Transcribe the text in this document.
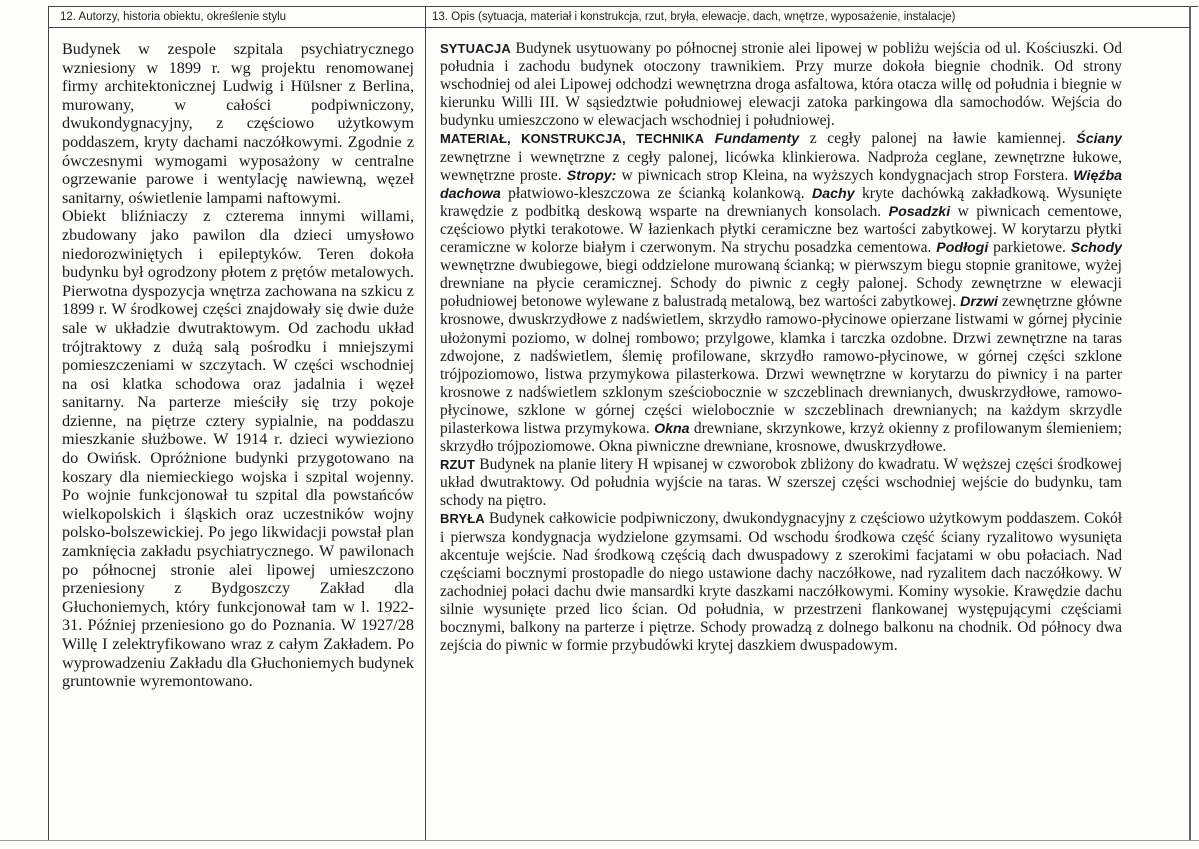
12. Autorzy, historia obiektu, określenie stylu	13. Opis (sytuacja, materiał i konstrukcja, rzut, bryła, elewacje, dach, wnętrze, wyposażenie, instalacje)

Budynek w zespole szpitala psychiatrycznego wzniesiony w 1899 r. wg projektu renomowanej firmy architektonicznej Ludwig i Hülsner z Berlina, murowany, w całości podpiwniczony, dwukondygnacyjny, z częściowo użytkowym poddaszem, kryty dachami naczółkowymi. Zgodnie z ówczesnymi wymogami wyposażony w centralne ogrzewanie parowe i wentylację nawiewną, węzeł sanitarny, oświetlenie lampami naftowymi.

Obiekt bliźniaczy z czterema innymi willami, zbudowany jako pawilon dla dzieci umysłowo niedorozwiniętych i epileptyków. Teren dokoła budynku był ogrodzony płotem z prętów metalowych. Pierwotna dyspozycja wnętrza zachowana na szkicu z 1899 r. W środkowej części znajdowały się dwie duże sale w układzie dwutraktowym. Od zachodu układ trójtraktowy z dużą salą pośrodku i mniejszymi pomieszczeniami w szczytach. W części wschodniej na osi klatka schodowa oraz jadalnia i węzeł sanitarny. Na parterze mieściły się trzy pokoje dzienne, na piętrze cztery sypialnie, na poddaszu mieszkanie służbowe. W 1914 r. dzieci wywieziono do Owińsk. Opróżnione budynki przygotowano na koszary dla niemieckiego wojska i szpital wojenny. Po wojnie funkcjonował tu szpital dla powstańców wielkopolskich i śląskich oraz uczestników wojny polsko-bolszewickiej. Po jego likwidacji powstał plan zamknięcia zakładu psychiatrycznego. W pawilonach po północnej stronie alei lipowej umieszczono przeniesiony z Bydgoszczy Zakład dla Głuchoniemych, który funkcjonował tam w l. 1922-31. Później przeniesiono go do Poznania. W 1927/28 Willę I zelektryfikowano wraz z całym Zakładem. Po wyprowadzeniu Zakładu dla Głuchoniemych budynek gruntownie wyremontowano.

SYTUACJA Budynek usytuowany po północnej stronie alei lipowej w pobliżu wejścia od ul. Kościuszki. Od południa i zachodu budynek otoczony trawnikiem. Przy murze dokoła biegnie chodnik. Od strony wschodniej od alei Lipowej odchodzi wewnętrzna droga asfaltowa, która otacza willę od południa i biegnie w kierunku Willi III. W sąsiedztwie południowej elewacji zatoka parkingowa dla samochodów. Wejścia do budynku umieszczono w elewacjach wschodniej i południowej.

MATERIAŁ, KONSTRUKCJA, TECHNIKA Fundamenty z cegły palonej na ławie kamiennej. Ściany zewnętrzne i wewnętrzne z cegły palonej, licówka klinkierowa. Nadproża ceglane, zewnętrzne łukowe, wewnętrzne proste. Stropy: w piwnicach strop Kleina, na wyższych kondygnacjach strop Forstera. Więźba dachowa płatwiowo-kleszczowa ze ścianką kolankową. Dachy kryte dachówką zakładkową. Wysunięte krawędzie z podbitką deskową wsparte na drewnianych konsolach. Posadzki w piwnicach cementowe, częściowo płytki terakotowe. W łazienkach płytki ceramiczne bez wartości zabytkowej. W korytarzu płytki ceramiczne w kolorze białym i czerwonym. Na strychu posadzka cementowa. Podłogi parkietowe. Schody wewnętrzne dwubiegowe, biegi oddzielone murowaną ścianką; w pierwszym biegu stopnie granitowe, wyżej drewniane na płycie ceramicznej. Schody do piwnic z cegły palonej. Schody zewnętrzne w elewacji południowej betonowe wylewane z balustradą metalową, bez wartości zabytkowej. Drzwi zewnętrzne główne krosnowe, dwuskrzydłowe z nadświetlem, skrzydło ramowo-płycinowe opierzane listwami w górnej płycinie ułożonymi poziomo, w dolnej rombowo; przylgowe, klamka i tarczka ozdobne. Drzwi zewnętrzne na taras zdwojone, z nadświetlem, ślemię profilowane, skrzydło ramowo-płycinowe, w górnej części szklone trójpoziomowo, listwa przymykowa pilasterkowa. Drzwi wewnętrzne w korytarzu do piwnicy i na parter krosnowe z nadświetlem szklonym sześciobocznie w szczeblinach drewnianych, dwuskrzydłowe, ramowo-płycinowe, szklone w górnej części wielobocznie w szczeblinach drewnianych; na każdym skrzydle pilasterkowa listwa przymykowa. Okna drewniane, skrzynkowe, krzyż okienny z profilowanym ślemieniem; skrzydło trójpoziomowe. Okna piwniczne drewniane, krosnowe, dwuskrzydłowe.

RZUT Budynek na planie litery H wpisanej w czworobok zbliżony do kwadratu. W węższej części środkowej układ dwutraktowy. Od południa wyjście na taras. W szerszej części wschodniej wejście do budynku, tam schody na piętro.

BRYŁA Budynek całkowicie podpiwniczony, dwukondygnacyjny z częściowo użytkowym poddaszem. Cokół i pierwsza kondygnacja wydzielone gzymsami. Od wschodu środkowa część ściany ryzalitowo wysunięta akcentuje wejście. Nad środkową częścią dach dwuspadowy z szerokimi facjatami w obu połaciach. Nad częściami bocznymi prostopadle do niego ustawione dachy naczółkowe, nad ryzalitem dach naczółkowy. W zachodniej połaci dachu dwie mansardki kryte daszkami naczółkowymi. Kominy wysokie. Krawędzie dachu silnie wysunięte przed lico ścian. Od południa, w przestrzeni flankowanej występującymi częściami bocznymi, balkony na parterze i piętrze. Schody prowadzą z dolnego balkonu na chodnik. Od północy dwa zejścia do piwnic w formie przybudówki krytej daszkiem dwuspadowym.
